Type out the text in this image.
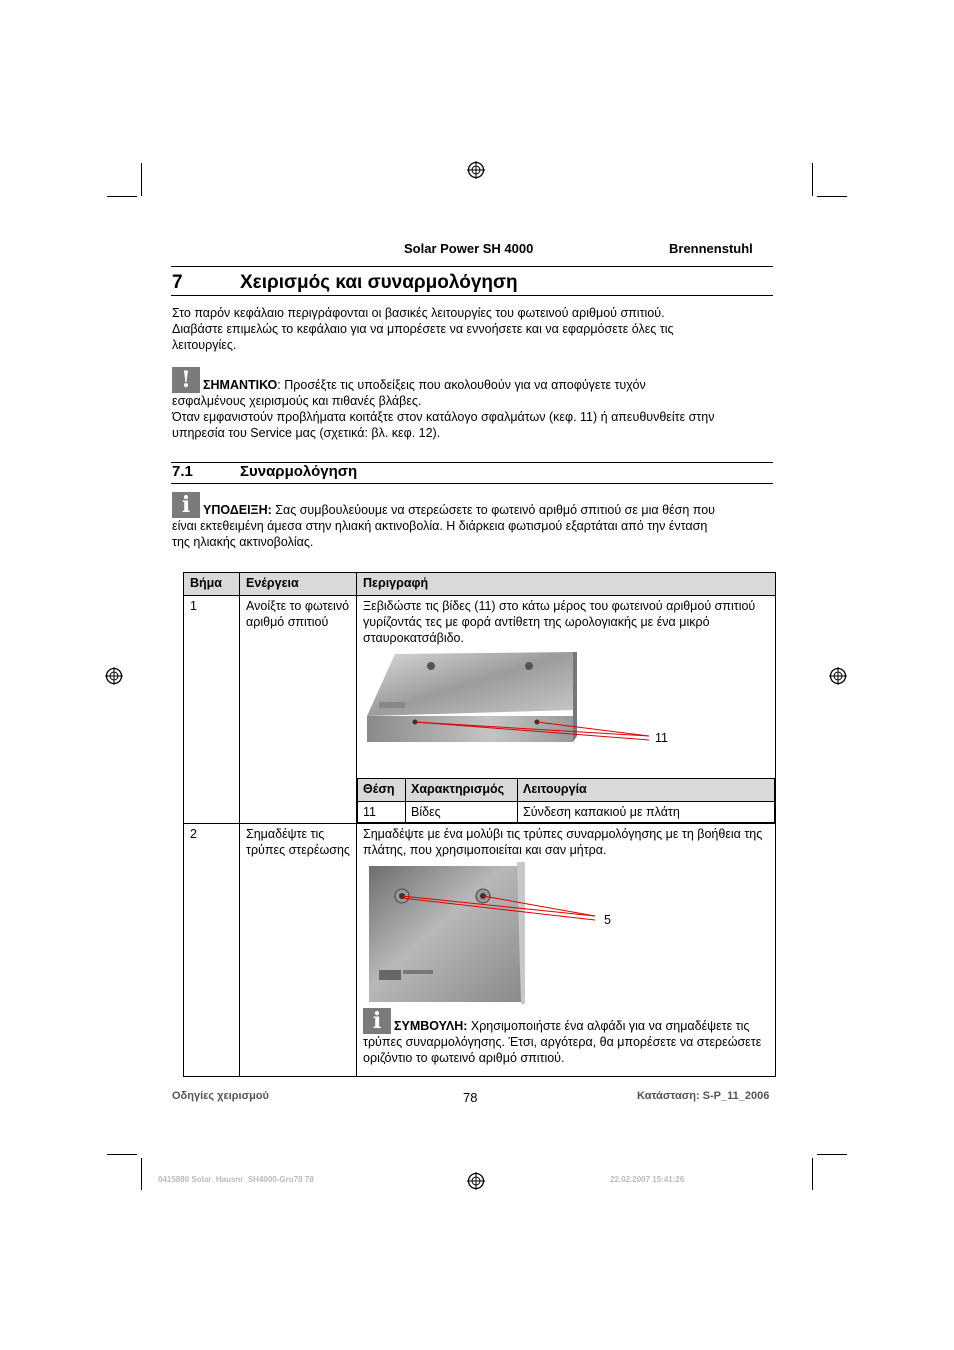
Solar Power SH 4000	Brennenstuhl
7	Χειρισμός και συναρμολόγηση
Στο παρόν κεφάλαιο περιγράφονται οι βασικές λειτουργίες του φωτεινού αριθμού σπιτιού.
Διαβάστε επιμελώς το κεφάλαιο για να μπορέσετε να εννοήσετε και να εφαρμόσετε όλες τις
λειτουργίες.
! ΣΗΜΑΝΤΙΚΟ: Προσέξτε τις υποδείξεις που ακολουθούν για να αποφύγετε τυχόν
εσφαλμένους χειρισμούς και πιθανές βλάβες.
Όταν εμφανιστούν προβλήματα κοιτάξτε στον κατάλογο σφαλμάτων (κεφ. 11) ή απευθυνθείτε στην
υπηρεσία του Service μας (σχετικά: βλ. κεφ. 12).
7.1	Συναρμολόγηση
i ΥΠΟΔΕΙΞΗ: Σας συμβουλεύουμε να στερεώσετε το φωτεινό αριθμό σπιτιού σε μια θέση που
είναι εκτεθειμένη άμεσα στην ηλιακή ακτινοβολία. Η διάρκεια φωτισμού εξαρτάται από την ένταση
της ηλιακής ακτινοβολίας.
Βήμα	Ενέργεια	Περιγραφή
1	Ανοίξτε το φωτεινό αριθμό σπιτιού	
Ξεβιδώστε τις βίδες (11) στο κάτω μέρος του φωτεινού αριθμού σπιτιού γυρίζοντάς τες με φορά αντίθετη της ωρολογιακής με ένα μικρό σταυροκατσάβιδο.
11
Θέση	Χαρακτηρισμός	Λειτουργία
11	Βίδες	Σύνδεση καπακιού με πλάτη

2	Σημαδέψτε τις τρύπες στερέωσης	
Σημαδέψτε με ένα μολύβι τις τρύπες συναρμολόγησης με τη βοήθεια της πλάτης, που χρησιμοποιείται και σαν μήτρα.
5
i ΣΥΜΒΟΥΛΗ: Χρησιμοποιήστε ένα αλφάδι για να σημαδέψετε τις τρύπες συναρμολόγησης. Έτσι, αργότερα, θα μπορέσετε να στερεώσετε οριζόντιο το φωτεινό αριθμό σπιτιού.
Οδηγίες χειρισμού	78	Κατάσταση: S-P_11_2006
0415880 Solar_Hausnr_SH4000-Gru78 78	22.02.2007 15:41:26
